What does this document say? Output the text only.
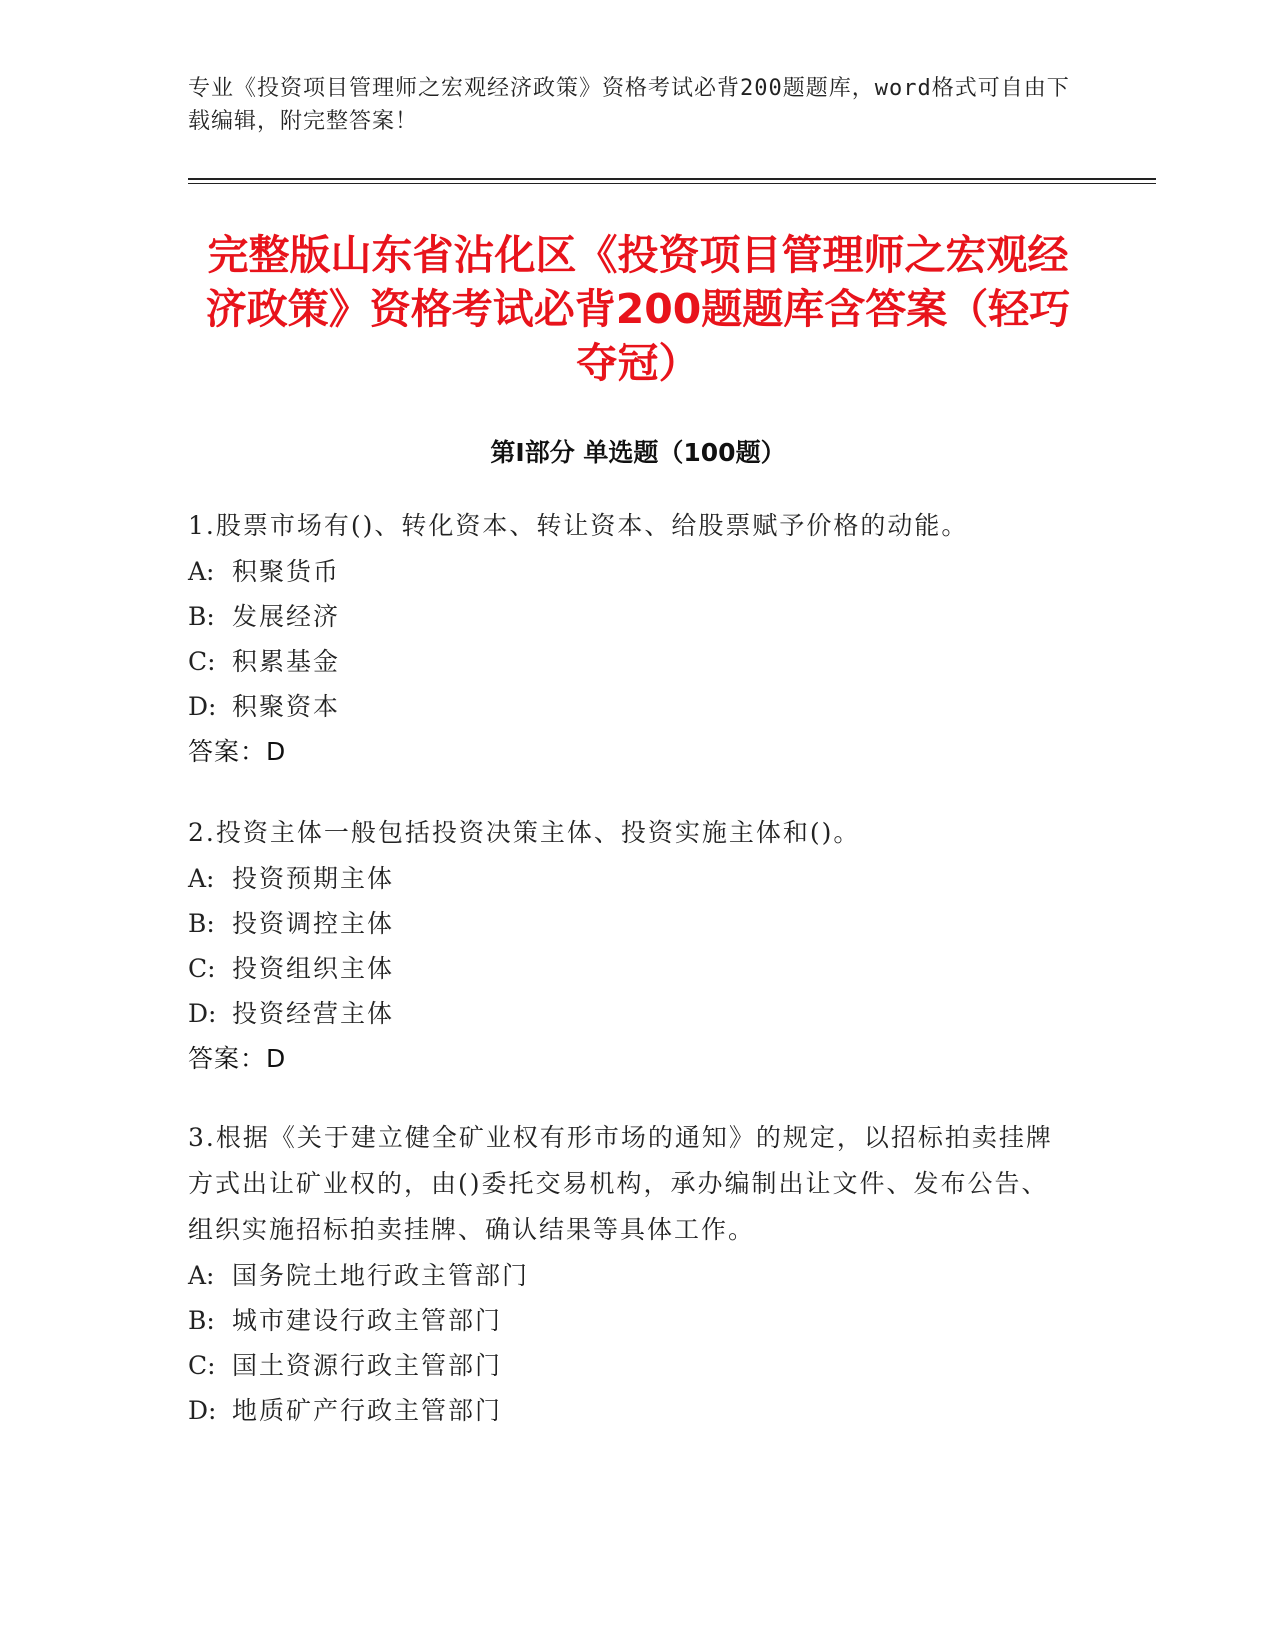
专业《投资项目管理师之宏观经济政策》资格考试必背200题题库，word格式可自由下载编辑，附完整答案！
完整版山东省沾化区《投资项目管理师之宏观经济政策》资格考试必背200题题库含答案（轻巧夺冠）
第Ⅰ部分 单选题（100题）
1.股票市场有()、转化资本、转让资本、给股票赋予价格的动能。
A: 积聚货币
B: 发展经济
C: 积累基金
D: 积聚资本
答案：D
2.投资主体一般包括投资决策主体、投资实施主体和()。
A: 投资预期主体
B: 投资调控主体
C: 投资组织主体
D: 投资经营主体
答案：D
3.根据《关于建立健全矿业权有形市场的通知》的规定，以招标拍卖挂牌方式出让矿业权的，由()委托交易机构，承办编制出让文件、发布公告、组织实施招标拍卖挂牌、确认结果等具体工作。
A: 国务院土地行政主管部门
B: 城市建设行政主管部门
C: 国土资源行政主管部门
D: 地质矿产行政主管部门
